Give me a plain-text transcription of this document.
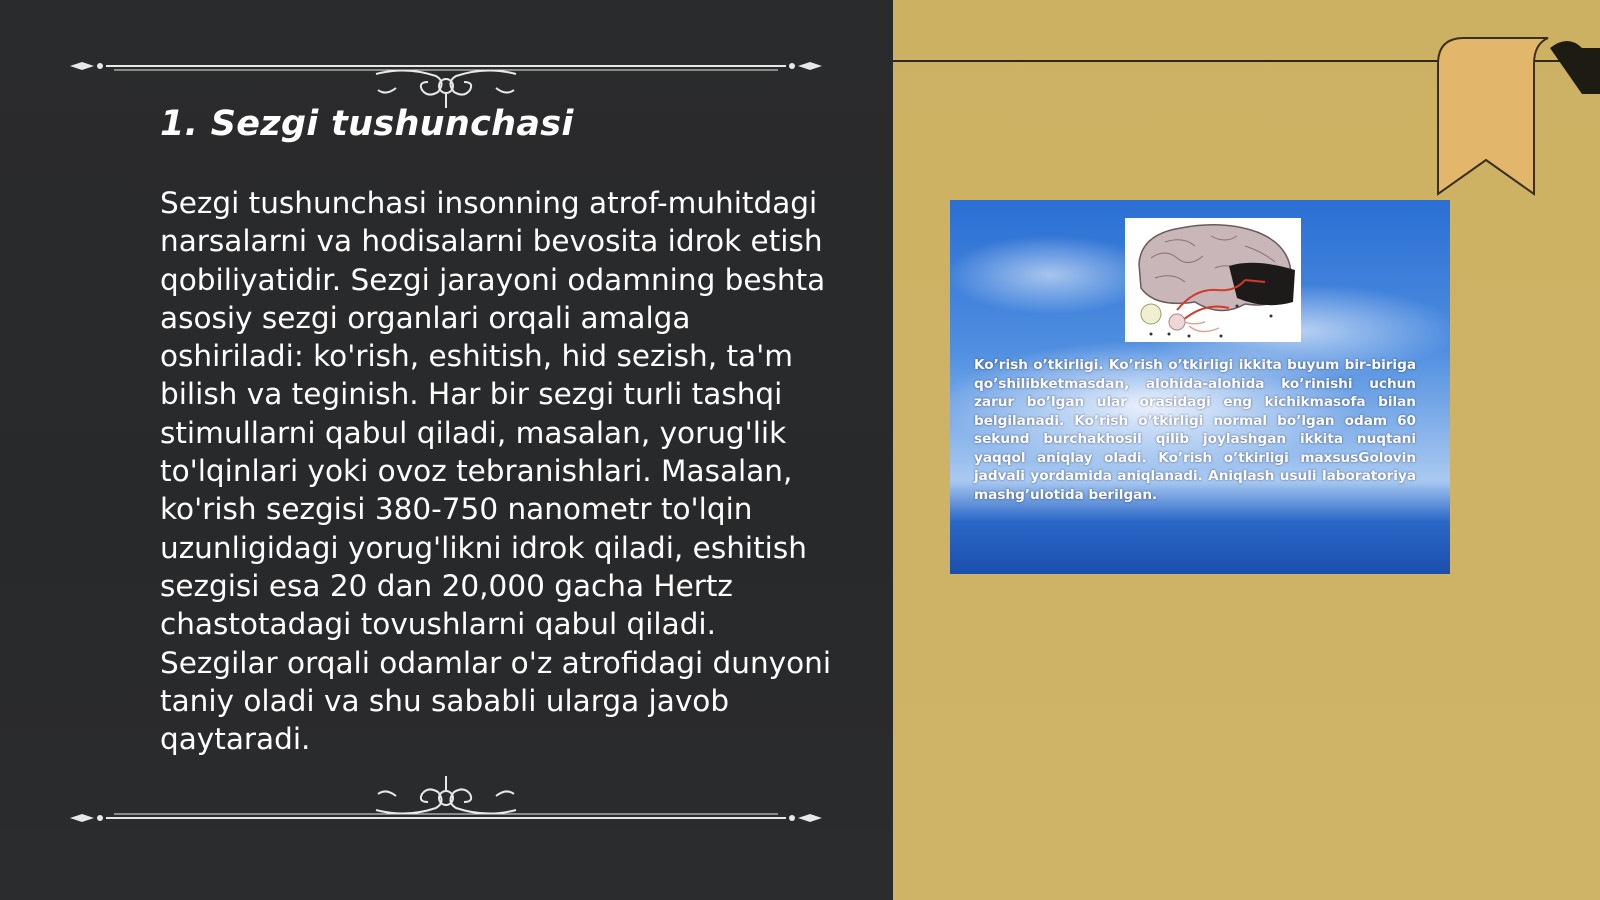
1. Sezgi tushunchasi

Sezgi tushunchasi insonning atrof-muhitdagi narsalarni va hodisalarni bevosita idrok etish qobiliyatidir. Sezgi jarayoni odamning beshta asosiy sezgi organlari orqali amalga oshiriladi: ko'rish, eshitish, hid sezish, ta'm bilish va teginish. Har bir sezgi turli tashqi stimullarni qabul qiladi, masalan, yorug'lik to'lqinlari yoki ovoz tebranishlari. Masalan, ko'rish sezgisi 380-750 nanometr to'lqin uzunligidagi yorug'likni idrok qiladi, eshitish sezgisi esa 20 dan 20,000 gacha Hertz chastotadagi tovushlarni qabul qiladi. Sezgilar orqali odamlar o'z atrofidagi dunyoni taniy oladi va shu sababli ularga javob qaytaradi.

Ko’rish o’tkirligi. Ko’rish o’tkirligi ikkita buyum bir-biriga qo’shilibketmasdan, alohida-alohida ko’rinishi uchun zarur bo’lgan ular orasidagi eng kichikmasofa bilan belgilanadi. Ko’rish o’tkirligi normal bo’lgan odam 60 sekund burchakhosil qilib joylashgan ikkita nuqtani yaqqol aniqlay oladi. Ko’rish o’tkirligi maxsusGolovin jadvali yordamida aniqlanadi. Aniqlash usuli laboratoriya mashg’ulotida berilgan.
